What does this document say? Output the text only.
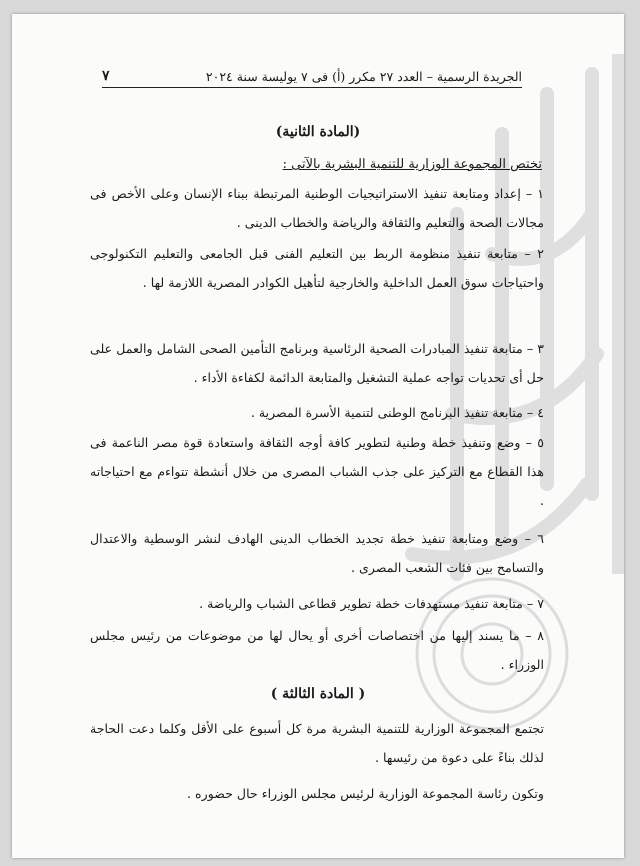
الجريدة الرسمية – العدد ٢٧ مكرر (أ) فى ٧ يوليسة سنة ٢٠٢٤
٧
(المادة الثانية)
تختص المجموعة الوزارية للتنمية البشرية بالآتى :
١ – إعداد ومتابعة تنفيذ الاستراتيجيات الوطنية المرتبطة ببناء الإنسان وعلى الأخص فى مجالات الصحة والتعليم والثقافة والرياضة والخطاب الدينى .
٢ – متابعة تنفيذ منظومة الربط بين التعليم الفنى قبل الجامعى والتعليم التكنولوجى واحتياجات سوق العمل الداخلية والخارجية لتأهيل الكوادر المصرية اللازمة لها .
٣ – متابعة تنفيذ المبادرات الصحية الرئاسية وبرنامج التأمين الصحى الشامل والعمل على حل أى تحديات تواجه عملية التشغيل والمتابعة الدائمة لكفاءة الأداء .
٤ – متابعة تنفيذ البرنامج الوطنى لتنمية الأسرة المصرية .
٥ – وضع وتنفيذ خطة وطنية لتطوير كافة أوجه الثقافة واستعادة قوة مصر الناعمة فى هذا القطاع مع التركيز على جذب الشباب المصرى من خلال أنشطة تتواءم مع احتياجاته .
٦ – وضع ومتابعة تنفيذ خطة تجديد الخطاب الدينى الهادف لنشر الوسطية والاعتدال والتسامح بين فئات الشعب المصرى .
٧ – متابعة تنفيذ مستهدفات خطة تطوير قطاعى الشباب والرياضة .
٨ – ما يسند إليها من اختصاصات أخرى أو يحال لها من موضوعات من رئيس مجلس الوزراء .
( المادة الثالثة )
تجتمع المجموعة الوزارية للتنمية البشرية مرة كل أسبوع على الأقل وكلما دعت الحاجة لذلك بناءً على دعوة من رئيسها .
وتكون رئاسة المجموعة الوزارية لرئيس مجلس الوزراء حال حضوره .
